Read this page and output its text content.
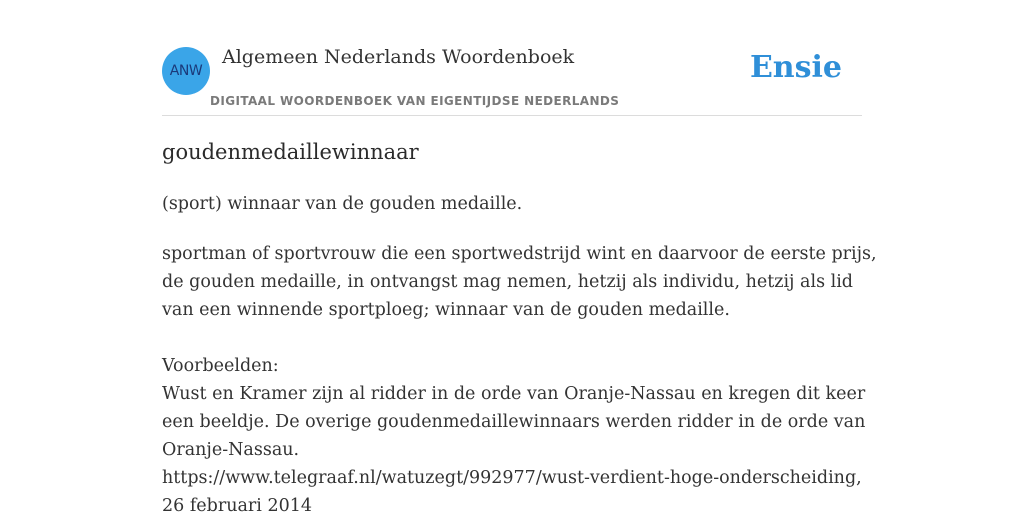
ANW
Algemeen Nederlands Woordenboek
DIGITAAL WOORDENBOEK VAN EIGENTIJDSE NEDERLANDS
Ensie
goudenmedaillewinnaar
(sport) winnaar van de gouden medaille.
sportman of sportvrouw die een sportwedstrijd wint en daarvoor de eerste prijs,
de gouden medaille, in ontvangst mag nemen, hetzij als individu, hetzij als lid
van een winnende sportploeg; winnaar van de gouden medaille.
Voorbeelden:
Wust en Kramer zijn al ridder in de orde van Oranje-Nassau en kregen dit keer
een beeldje. De overige goudenmedaillewinnaars werden ridder in de orde van
Oranje-Nassau.
https://www.telegraaf.nl/watuzegt/992977/wust-verdient-hoge-onderscheiding,
26 februari 2014
